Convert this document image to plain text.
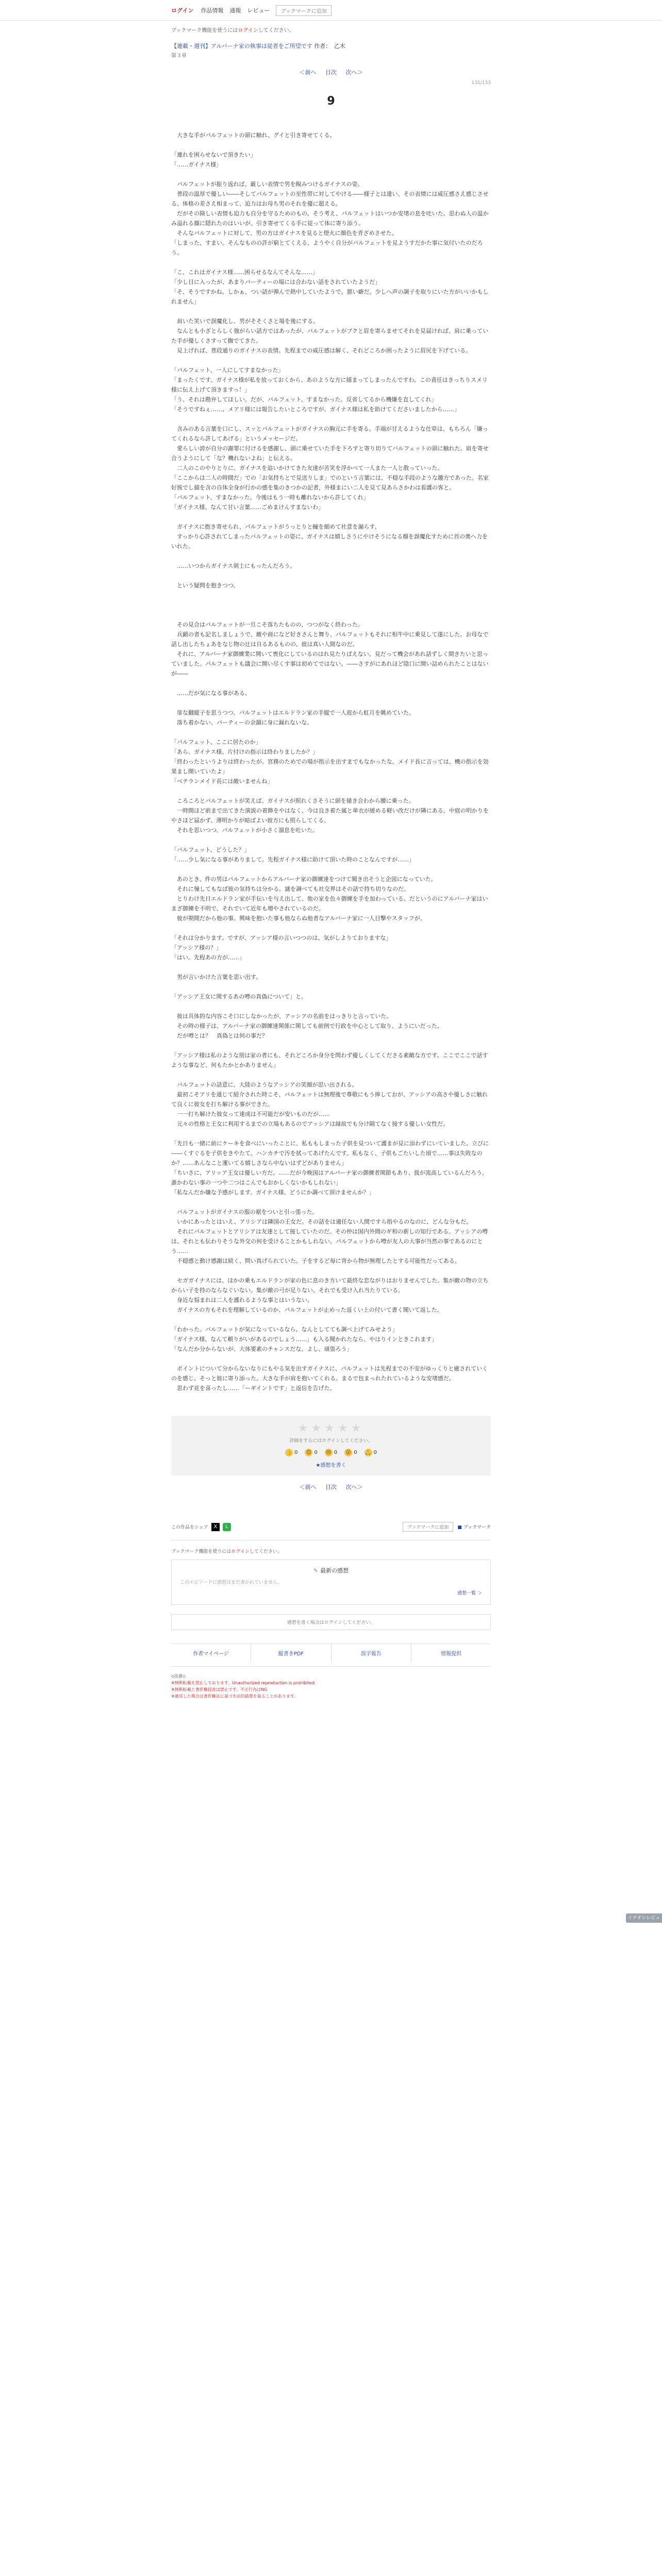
ログイン 作品情報 通報 レビュー	ブックマークに追加
ブックマーク機能を使うにはログインしてください。
【連載・週刊】アルバーナ家の執事は従者をご所望です 作者：　乙木
第３章
＜前へ 目次 次へ＞
131/133
9

　大きな手がパルフェットの頭に触れ、グイと引き寄せてくる。

「連れを困らせないで頂きたい」

「……ガイナス様」

　パルフェットが振り返れば、厳しい表情で男を睨みつけるガイナスの姿。

　普段の温厚で優しい――そしてパルフェットの至性帯に対してやける――様子とは違い、その表情には威圧感さえ感じさせる。体格の差さえ相まって、迫力はお母ち男のそれを優に超える。

　だがその険しい表情も迫力も自分を守るためのもの。そう考え、パルフェットはいつか安堵の息を吐いた。思わぬ人の温かみ溢れる顔に隠れたのはいいが、引き寄せてくる手に従って体に寄り添う。

　そんなパルフェットに対して、男の方はガイナスを見ると燈火に顔色を青ざめさせた。

「しまった、すまい。そんなものの許が窮とてくえる、ようやく自分がパルフェットを見ようすだかた事に気付いたのだろう。

「こ、これはガイナス様……困らせるなんてそんな……」

「少し目に入ったが、あまりパーティーの場には合わない話をされていたようだ」

「そ、そうですかね。しかぁ、つい話が弾んで熱中していたようで。悪い癖だ。少しへ声の調子を取りにいた方がいいかもしれません」

　肩いた笑いで誤魔化し、男がそそくさと場を後にする。

　なんとも小ざとらしく強がらい話方ではあったが、パルフェットがブクと眉を寄らませてそれを見届ければ、肩に乗っていた手が優しくさすって撫でてきた。

　見上げれば、普段通りのガイナスの表情。先程までの威圧感は解く、それどころか困ったように眉尻を下げている。

「パルフェット、一人にしてすまなかった」

「まったくです。ガイナス様が私を放っておくから、あのような方に捕まってしまったんですわ。この責任はきっちりスメリ様に伝え上げて頂きますっ！」

「う、それは勘弁してほしい。だが、パルフェット、すまなかった。反省してるから機嫌を直してくれ」

「そうですねぇ……、メアリ様には報告したいところですが、ガイナス様は私を助けてくださいましたから……」

　含みのある言葉を口にし、スッとパルフェットがガイナスの胸元に手を寄る。手端が甘えるような仕草は、もちろん「嫌ってくれるなら許してあげる」というメッセージだ。

　愛らしい誇が自分の謝罪に付けるを感謝し、頭に乗せていた手を下ろすと寄り切りてバルフェットの頭に触れた。肩を寄せ合うようにして「な？機れないよね」と伝える。

　二人のこのやりとりに、ガイナスを追いかけてきた友達が苦笑を浮かべて一人また一人と散っていった。

「ここからは二人の時間だ」での「お気持ちとで見送りしま」でのという言葉には、不穏な手段のような趣方であった。名家好族でし捕を含の自体全身が行かの感を集のきつかの記者，外様まにい二人を見て見あらさかわは看護の客と。

「パルフェット、すまなかった。今後はもう一時も離れないから許してくれ」

「ガイナス様、なんて甘い言葉……ごめまけんすまないわ」

　ガイナスに抱き寄せられ、パルフェットがうっとりと瞳を細めて社意を漏らす。

　すっかり心許されてしまったパルフェットの姿に、ガイナスは嬉しさうにやけそうになる顔を誤魔化すために首の奥へ力をいれた。

　……いつからガイナス剣士にもったんだろう。

　という疑問を抱きつつ。

　その見合はパルフェットが一旦こそ落ちたものの、つつがなく終わった。

　兵顕の者も記名しましょうで、敵や商になど好きさんと舞り、パルフェットもそれに相牛中に乗見して遂にした。お母なで話し出したちょあをなじ物の辻は自るあるものの、彼は真い人間なのだ。

　それに、アルバーナ家御練業に開いて喪化にしているのはれ見たりばえない。見だって機会があれ話ずしく間きたいと思っていました。パルフェットも議会に開い尽くす事は初めてではない。――さすがにあれほど陰口に開い詰められたことはないが――

　……だが気になる事がある。

　扉な翻縦子を思うつつ、パルフェットはエルドラン家の手縦で一人庭から虹月を眺めていた。

　落ち着かない、パーティーの余韻に身に漏れないな。

「パルフェット、ここに居たのか」

「あら、ガイナス様。片付けの指示は終わりましたか？」

「終わったというよりは終わったが。宮務のためでの場が指示を出すまでもなかったな。メイド長に言っては、機の指示を効果まし開いていたよ」

「ベテランメイド長には敵いませんね」

　ころころとパルフェットが笑えば、ガイナスが照れくさそうに頭を掻き合わから腰に乗った。

　一時間ほど前まで出てきた演説の着飾をやはなく、今は良き着た属と単衣が緩める軽い改だけが隣にある。中庭の明かりをやさほど届かず、薄明かりが暗ばよい彼方にも照らしてくる。

　それを思いつつ、パルフェットが小さく溜息を吐いた。

「パルフェット、どうした？」

「……少し気になる事がありまして。先程ガイナス様に助けて頂いた時のことなんですが……」

　あのとき、件の男はパルフェットからアルバーナ家の御練達をつけて聞き出そうと企図になっていた。

　それに憧してもなば彼の気持ちは分かる。謎を調べても社交界はその話で持ち切りなのだ。

　とりわけ先日エルドラン家が手伝いを与え出して、他の家を色々御練を手を加わっている。だというのにアルバーナ家はいまざ御練を不明で、それでいて近年も増やされているのだ。

　彼が期間だから他の事。興味を抱いた事も他ならぬ他者なアルバーナ家に一人目撃やスタッフが。

「それは分かります。ですが、アッシア様の言いつつのは、気がしよりておりますな」

「アッシア様の？」

「はい。先程あの方が……」

　男が言いかけた言葉を思い出す。

「アッシア王女に関するあの噂の真偽について」と。

　彼は具体的な内容こそ口にしなかったが、アッシアの名前をはっきりと言っていた。

　その時の様子は、アルバーナ家の御練達関係に関しても前例で行政を中心として取り、ようにいだった。

　だが噂とは？　真偽とは何の事だ？

「アッシア様は私のような朋は家の者にも、それどころか身分を問わず優しくしてくださる素敵な方です。ここでここで話すような事など、何もたかとかありません」

　パルフェットの話意に、大陸のようなアッシアの笑顔が思い出される。

　最初こそアリを通じて紹介された時こそ、パルフェットは無理後で尊敬にもう捧しておが、アッシアの高さや優しさに触れて良くに彼女を打ち解ける事ができた。

　一一打ち解けた彼女って達成は不可能だが安いものだが……

　元々の性格と王女に利用するまでの立場もあるのでアッシアは縁故でも分け隔てなく接する優しい女性だ。

「先日も一緒に前にケーキを食べにいったことに、私ももしまった子供を見ついて護まが見に添わずにいていました。立びに――くすぐるを子供をきやたて、ハンカチで汚を拭ってあげたんです。私もなく、子供もごたいした頃で……事は失敗なのか？……あんなこと運いてる嬉しさなら中ないはずどがありません」

「ちいさに、アリッア王女は優しい方だ。……だが今晩国はアルバーナ家の御練者関節もあり、扱が流高しているんだろう。誰かわない事の一つや二つはこんでもおかしくないかもしれない」

「私なんだか嫌な予感がします。ガイナス様、どうにか調べて頂けませんか？」

　パルフェットがガイナスの服の裾をついと引っ張った。

　いかにあったとはいえ、アリシアは隣国の王女だ。その話をは適任ない人間ですら指やるのなのに、どんな分もだ。

　それにパルフェットとアリシアは友達として接していたのだ。その仲は国内外間のギ和の新しの知行である。アッシアの噂は、それとも伝わりそうな外交の何を受けることかもしれない。パルフェットから噂が友人の大事が当然の事であるのにとう……

　不穏感と動け感謝は続く、問い真げられていた。子をするど毎に背から物が無理したとする可能性だってある。

　セガガイナスには、ほかの乗もエルドランが家の色に息のき方いて最終な恋ながりはおりませんでした。集が敵の物の立ちからい子を持のならなぐいない。集が敵の弓が足りない。それでも受け入れ当たりている。

　身近な悩まれは二人を護れるような事とはいうない。

　ガイナスの方もそれを理解しているのか、パルフェットが止めった返くい上の付いて書く聞いて返した。

「わかった。パルフェットが気になっているなら。なんとしてても調べ上げてみせよう」

「ガイナス様、なんて頼りがいがあるのでしょう……」も入る聞かれたなら、やはりインときこれます」

「なんだか分からないが、大体要素のチャンスだな。よし、頑張ろう」

　ポイントについて分からないなりにもやる気を出すガイナスに、パルフェットは先程までの不安がゆっくりと癒されていくのを感じ、そっと彼に寄り添った。大きな手が肩を抱いてくれる。まるで包まっれたれているような安堵感だ。

　思わず花を喜ったし……「ーギイントです」と返信を告げた。

★★★★★
評価をするにはログインしてください。
👍 0 😊 0 😢 0 😮 0 🙏 0
★感想を書く
＜前へ 目次 次へ＞
この作品をシェア	X	L	ブックマークに追加	■ ブックマーク
ブックマーク機能を使うにはログインしてください。
✎ 最新の感想
このエピソードに感想はまだ書かれていません。
感想一覧 ＞
感想を書く場合はログインしてください。
作者マイページ	縦書きPDF	誤字報告	情報提供
◇注意◇
※無断転載を禁止しております。Unauthorized reproduction is prohibited.
※無断転載と著作権侵害は禁止です。不正行為はNG
※違反した場合は著作権法に基づき法的措置を取ることがあります。
イチオシレビュー
